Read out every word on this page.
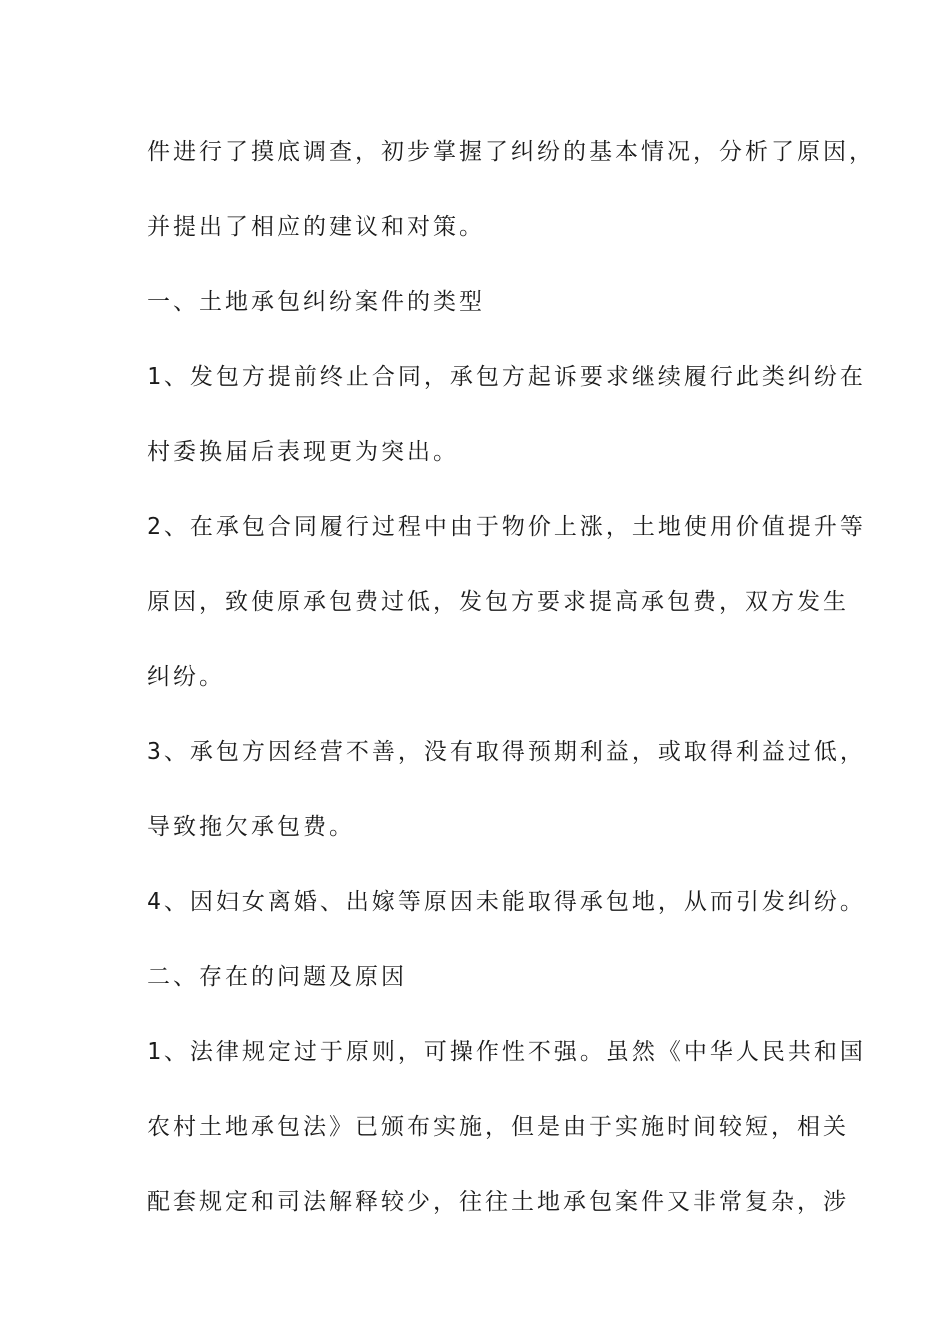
件进行了摸底调查，初步掌握了纠纷的基本情况，分析了原因，
并提出了相应的建议和对策。
一、土地承包纠纷案件的类型
1、发包方提前终止合同，承包方起诉要求继续履行此类纠纷在
村委换届后表现更为突出。
2、在承包合同履行过程中由于物价上涨，土地使用价值提升等
原因，致使原承包费过低，发包方要求提高承包费，双方发生
纠纷。
3、承包方因经营不善，没有取得预期利益，或取得利益过低，
导致拖欠承包费。
4、因妇女离婚、出嫁等原因未能取得承包地，从而引发纠纷。
二、存在的问题及原因
1、法律规定过于原则，可操作性不强。虽然《中华人民共和国
农村土地承包法》已颁布实施，但是由于实施时间较短，相关
配套规定和司法解释较少，往往土地承包案件又非常复杂，涉
